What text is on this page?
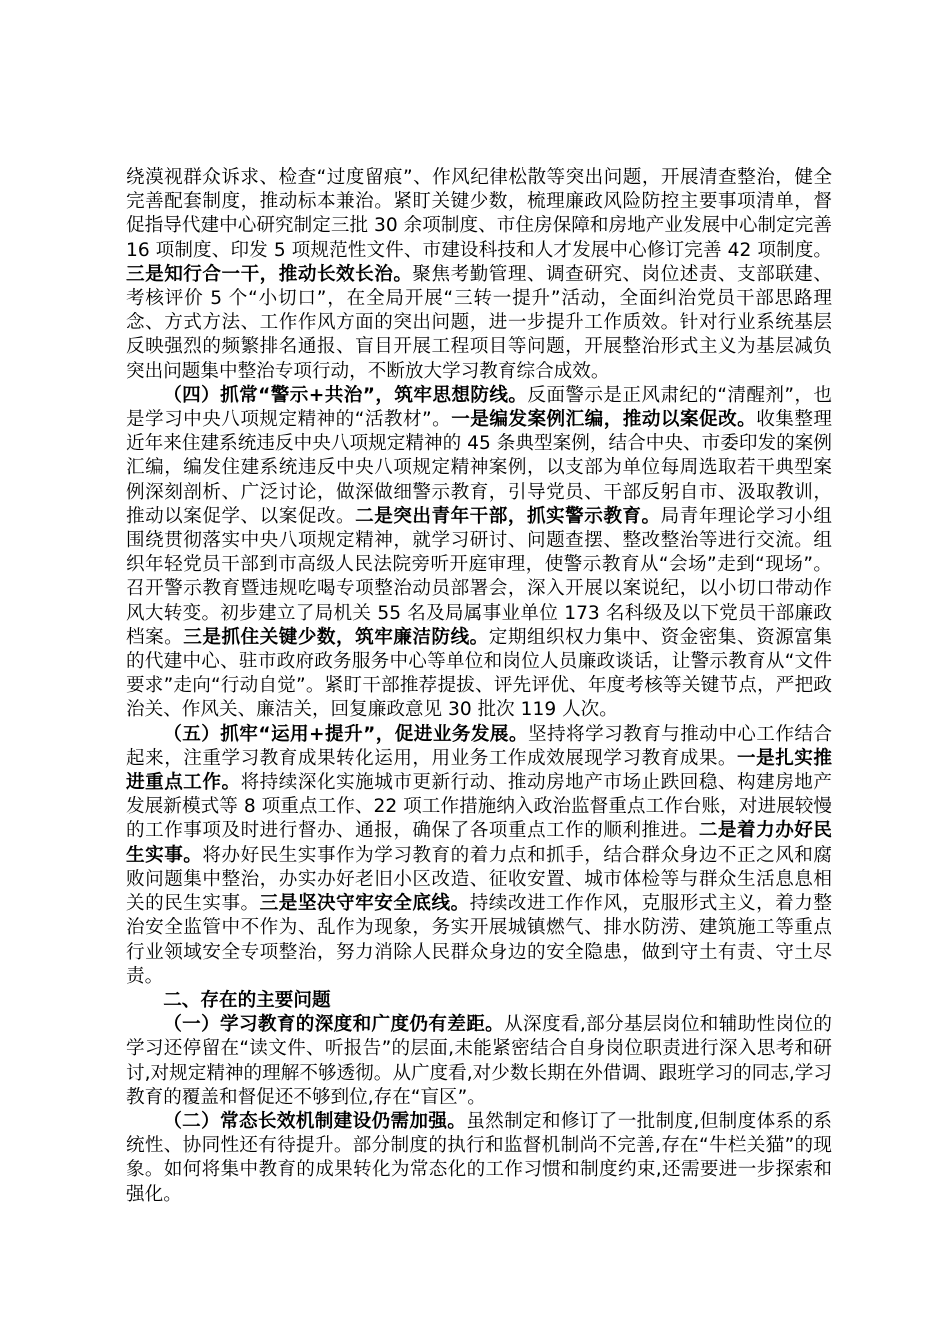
绕漠视群众诉求、检查“过度留痕”、作风纪律松散等突出问题，开展清查整治，健全完善配套制度，推动标本兼治。紧盯关键少数，梳理廉政风险防控主要事项清单，督促指导代建中心研究制定三批 30 余项制度、市住房保障和房地产业发展中心制定完善 16 项制度、印发 5 项规范性文件、市建设科技和人才发展中心修订完善 42 项制度。三是知行合一干，推动长效长治。聚焦考勤管理、调查研究、岗位述责、支部联建、考核评价 5 个“小切口”，在全局开展“三转一提升”活动，全面纠治党员干部思路理念、方式方法、工作作风方面的突出问题，进一步提升工作质效。针对行业系统基层反映强烈的频繁排名通报、盲目开展工程项目等问题，开展整治形式主义为基层减负突出问题集中整治专项行动，不断放大学习教育综合成效。

（四）抓常“警示+共治”，筑牢思想防线。反面警示是正风肃纪的“清醒剂”，也是学习中央八项规定精神的“活教材”。一是编发案例汇编，推动以案促改。收集整理近年来住建系统违反中央八项规定精神的 45 条典型案例，结合中央、市委印发的案例汇编，编发住建系统违反中央八项规定精神案例，以支部为单位每周选取若干典型案例深刻剖析、广泛讨论，做深做细警示教育，引导党员、干部反躬自市、汲取教训，推动以案促学、以案促改。二是突出青年干部，抓实警示教育。局青年理论学习小组围绕贯彻落实中央八项规定精神，就学习研讨、问题查摆、整改整治等进行交流。组织年轻党员干部到市高级人民法院旁听开庭审理，使警示教育从“会场”走到“现场”。召开警示教育暨违规吃喝专项整治动员部署会，深入开展以案说纪，以小切口带动作风大转变。初步建立了局机关 55 名及局属事业单位 173 名科级及以下党员干部廉政档案。三是抓住关键少数，筑牢廉洁防线。定期组织权力集中、资金密集、资源富集的代建中心、驻市政府政务服务中心等单位和岗位人员廉政谈话，让警示教育从“文件要求”走向“行动自觉”。紧盯干部推荐提拔、评先评优、年度考核等关键节点，严把政治关、作风关、廉洁关，回复廉政意见 30 批次 119 人次。

（五）抓牢“运用+提升”，促进业务发展。坚持将学习教育与推动中心工作结合起来，注重学习教育成果转化运用，用业务工作成效展现学习教育成果。一是扎实推进重点工作。将持续深化实施城市更新行动、推动房地产市场止跌回稳、构建房地产发展新模式等 8 项重点工作、22 项工作措施纳入政治监督重点工作台账，对进展较慢的工作事项及时进行督办、通报，确保了各项重点工作的顺利推进。二是着力办好民生实事。将办好民生实事作为学习教育的着力点和抓手，结合群众身边不正之风和腐败问题集中整治，办实办好老旧小区改造、征收安置、城市体检等与群众生活息息相关的民生实事。三是坚决守牢安全底线。持续改进工作作风，克服形式主义，着力整治安全监管中不作为、乱作为现象，务实开展城镇燃气、排水防涝、建筑施工等重点行业领域安全专项整治，努力消除人民群众身边的安全隐患，做到守土有责、守土尽责。

二、存在的主要问题

（一）学习教育的深度和广度仍有差距。从深度看,部分基层岗位和辅助性岗位的学习还停留在“读文件、听报告”的层面,未能紧密结合自身岗位职责进行深入思考和研讨,对规定精神的理解不够透彻。从广度看,对少数长期在外借调、跟班学习的同志,学习教育的覆盖和督促还不够到位,存在“盲区”。

（二）常态长效机制建设仍需加强。虽然制定和修订了一批制度,但制度体系的系统性、协同性还有待提升。部分制度的执行和监督机制尚不完善,存在“牛栏关猫”的现象。如何将集中教育的成果转化为常态化的工作习惯和制度约束,还需要进一步探索和强化。
